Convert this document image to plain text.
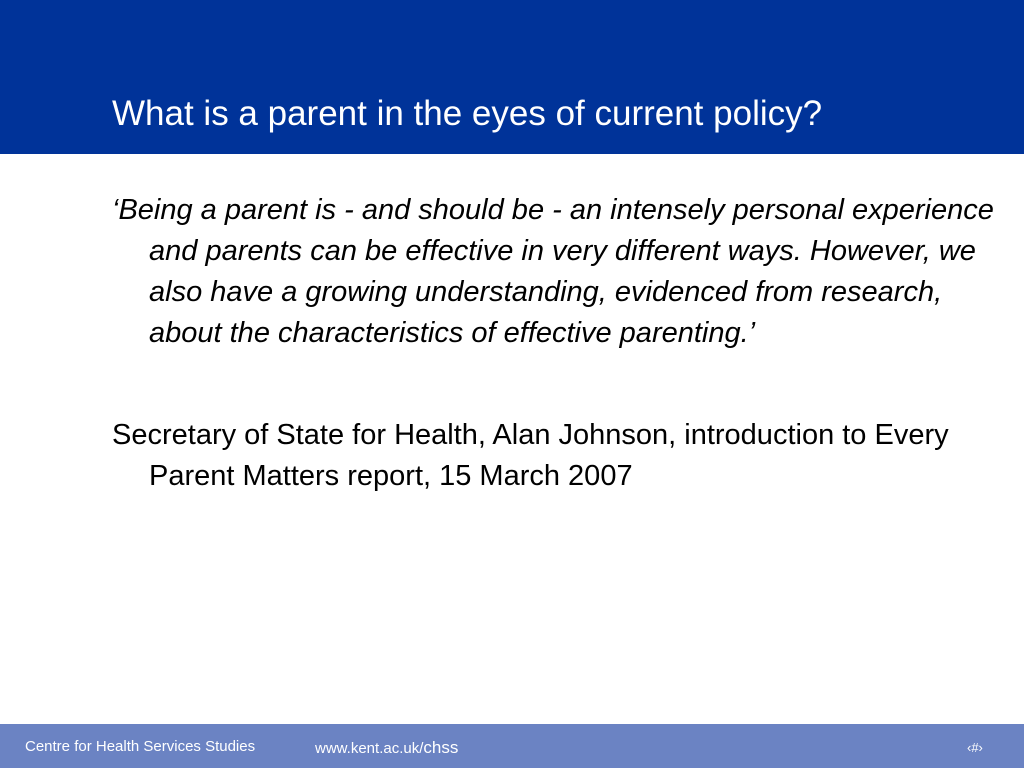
What is a parent in the eyes of current policy?

‘Being a parent is - and should be - an intensely personal experience and parents can be effective in very different ways. However, we also have a growing understanding, evidenced from research, about the characteristics of effective parenting.’

Secretary of State for Health, Alan Johnson, introduction to Every Parent Matters report, 15 March 2007

Centre for Health Services Studies	www.kent.ac.uk/chss	‹#›
